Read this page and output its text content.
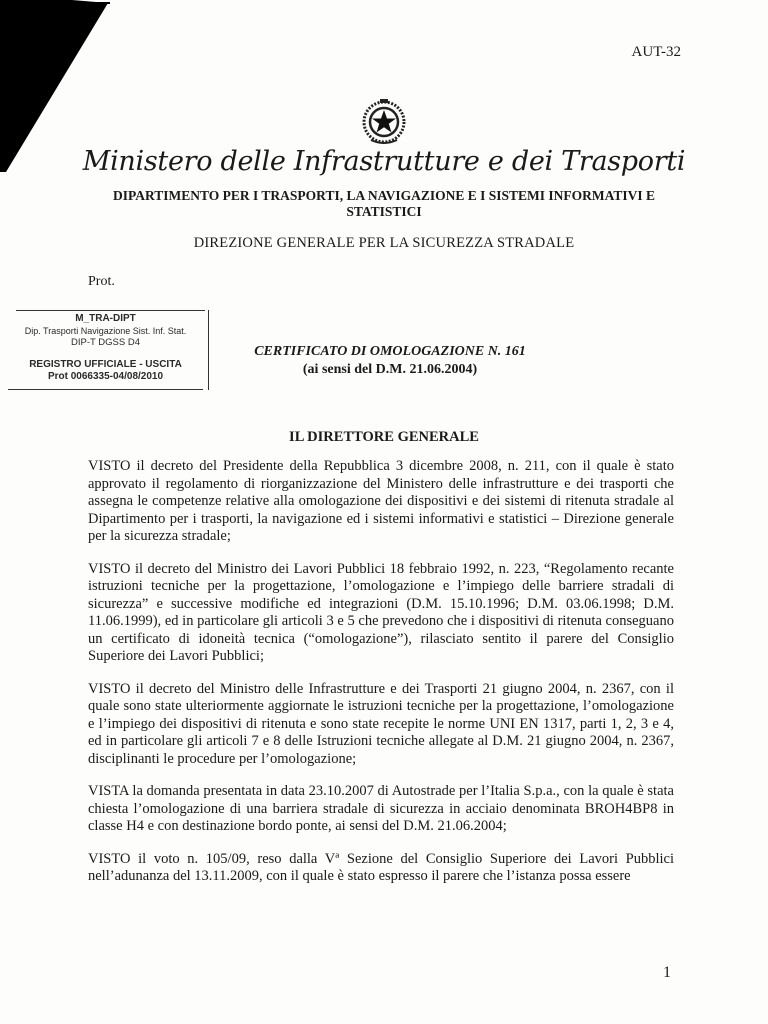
AUT-32
Ministero delle Infrastrutture e dei Trasporti
DIPARTIMENTO PER I TRASPORTI, LA NAVIGAZIONE E I SISTEMI INFORMATIVI E STATISTICI
DIREZIONE GENERALE PER LA SICUREZZA STRADALE
Prot.
M_TRA-DIPT
Dip. Trasporti Navigazione Sist. Inf. Stat.
DIP-T DGSS D4
REGISTRO UFFICIALE - USCITA
Prot 0066335-04/08/2010
CERTIFICATO DI OMOLOGAZIONE N. 161
(ai sensi del D.M. 21.06.2004)
IL DIRETTORE GENERALE

VISTO il decreto del Presidente della Repubblica 3 dicembre 2008, n. 211, con il quale è stato approvato il regolamento di riorganizzazione del Ministero delle infrastrutture e dei trasporti che assegna le competenze relative alla omologazione dei dispositivi e dei sistemi di ritenuta stradale al Dipartimento per i trasporti, la navigazione ed i sistemi informativi e statistici – Direzione generale per la sicurezza stradale;

VISTO il decreto del Ministro dei Lavori Pubblici 18 febbraio 1992, n. 223, “Regolamento recante istruzioni tecniche per la progettazione, l’omologazione e l’impiego delle barriere stradali di sicurezza” e successive modifiche ed integrazioni (D.M. 15.10.1996; D.M. 03.06.1998; D.M. 11.06.1999), ed in particolare gli articoli 3 e 5 che prevedono che i dispositivi di ritenuta conseguano un certificato di idoneità tecnica (“omologazione”), rilasciato sentito il parere del Consiglio Superiore dei Lavori Pubblici;

VISTO il decreto del Ministro delle Infrastrutture e dei Trasporti 21 giugno 2004, n. 2367, con il quale sono state ulteriormente aggiornate le istruzioni tecniche per la progettazione, l’omologazione e l’impiego dei dispositivi di ritenuta e sono state recepite le norme UNI EN 1317, parti 1, 2, 3 e 4, ed in particolare gli articoli 7 e 8 delle Istruzioni tecniche allegate al D.M. 21 giugno 2004, n. 2367, disciplinanti le procedure per l’omologazione;

VISTA la domanda presentata in data 23.10.2007 di Autostrade per l’Italia S.p.a., con la quale è stata chiesta l’omologazione di una barriera stradale di sicurezza in acciaio denominata BROH4BP8 in classe H4 e con destinazione bordo ponte, ai sensi del D.M. 21.06.2004;

VISTO il voto n. 105/09, reso dalla Vª Sezione del Consiglio Superiore dei Lavori Pubblici nell’adunanza del 13.11.2009, con il quale è stato espresso il parere che l’istanza possa essere

1
